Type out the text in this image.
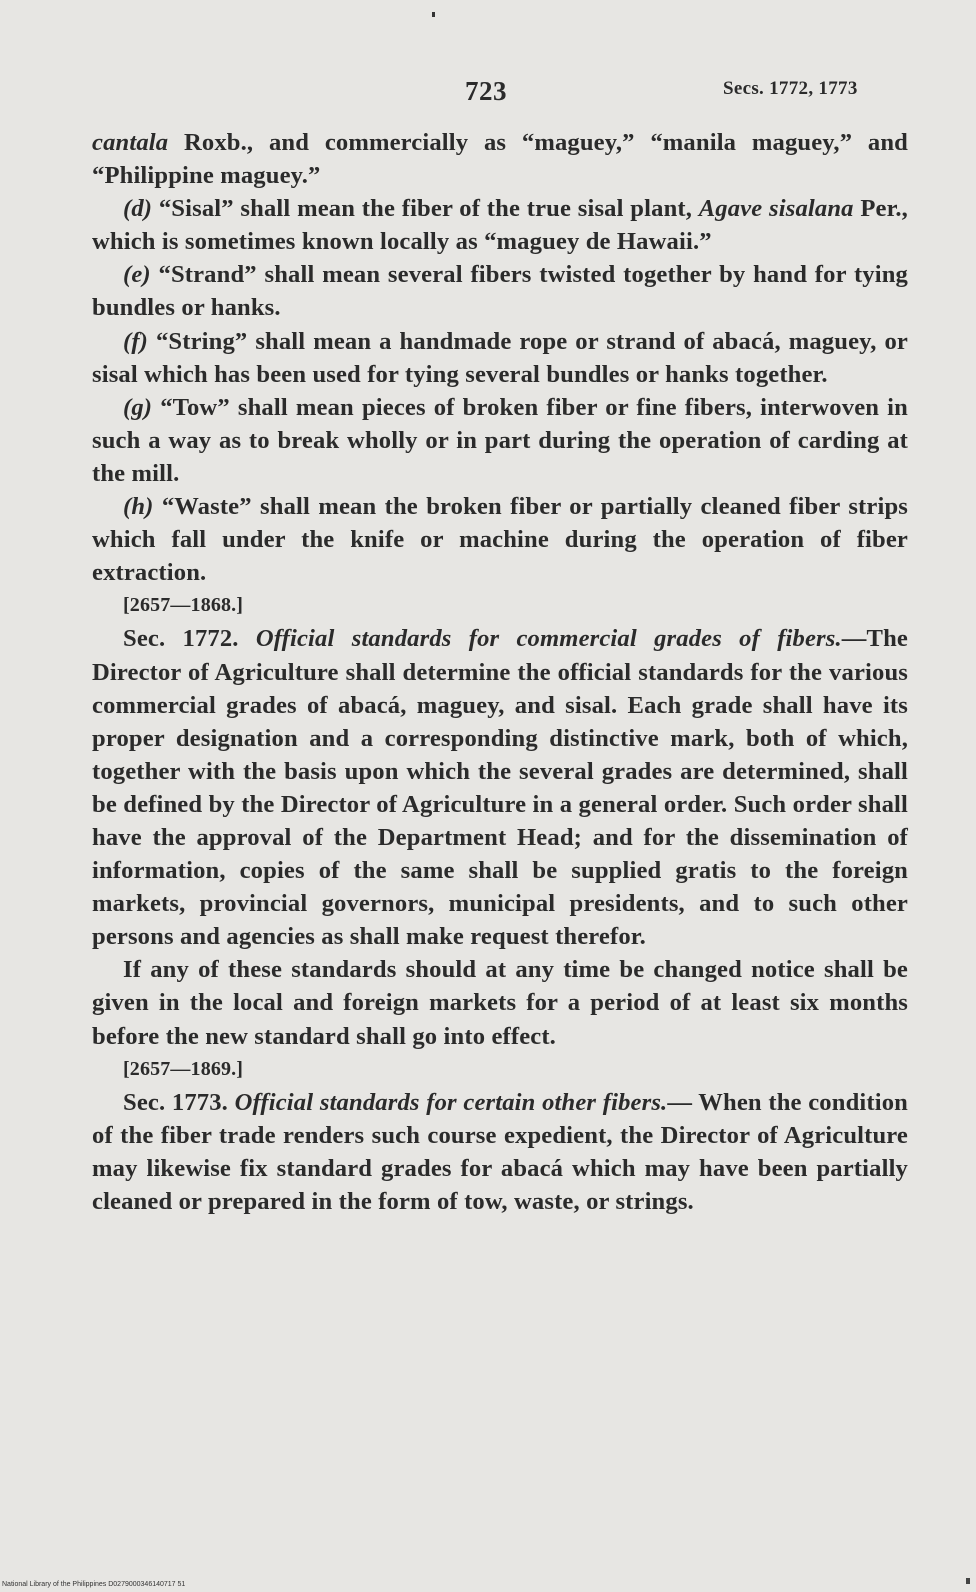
723	Secs. 1772, 1773

cantala Roxb., and commercially as “maguey,” “manila maguey,” and “Philippine maguey.”

(d) “Sisal” shall mean the fiber of the true sisal plant, Agave sisalana Per., which is sometimes known locally as “maguey de Hawaii.”

(e) “Strand” shall mean several fibers twisted together by hand for tying bundles or hanks.

(f) “String” shall mean a handmade rope or strand of abacá, maguey, or sisal which has been used for tying several bundles or hanks together.

(g) “Tow” shall mean pieces of broken fiber or fine fibers, interwoven in such a way as to break wholly or in part during the operation of carding at the mill.

(h) “Waste” shall mean the broken fiber or partially cleaned fiber strips which fall under the knife or machine during the operation of fiber extraction.

[2657—1868.]

Sec. 1772. Official standards for commercial grades of fibers.—The Director of Agriculture shall determine the official standards for the various commercial grades of abacá, maguey, and sisal. Each grade shall have its proper designation and a corresponding distinctive mark, both of which, together with the basis upon which the several grades are determined, shall be defined by the Director of Agriculture in a general order. Such order shall have the approval of the Department Head; and for the dissemination of information, copies of the same shall be supplied gratis to the foreign markets, provincial governors, municipal presidents, and to such other persons and agencies as shall make request therefor.

If any of these standards should at any time be changed notice shall be given in the local and foreign markets for a period of at least six months before the new standard shall go into effect.

[2657—1869.]

Sec. 1773. Official standards for certain other fibers.— When the condition of the fiber trade renders such course expedient, the Director of Agriculture may likewise fix standard grades for abacá which may have been partially cleaned or prepared in the form of tow, waste, or strings.

National Library of the Philippines D0279000346140717 51
